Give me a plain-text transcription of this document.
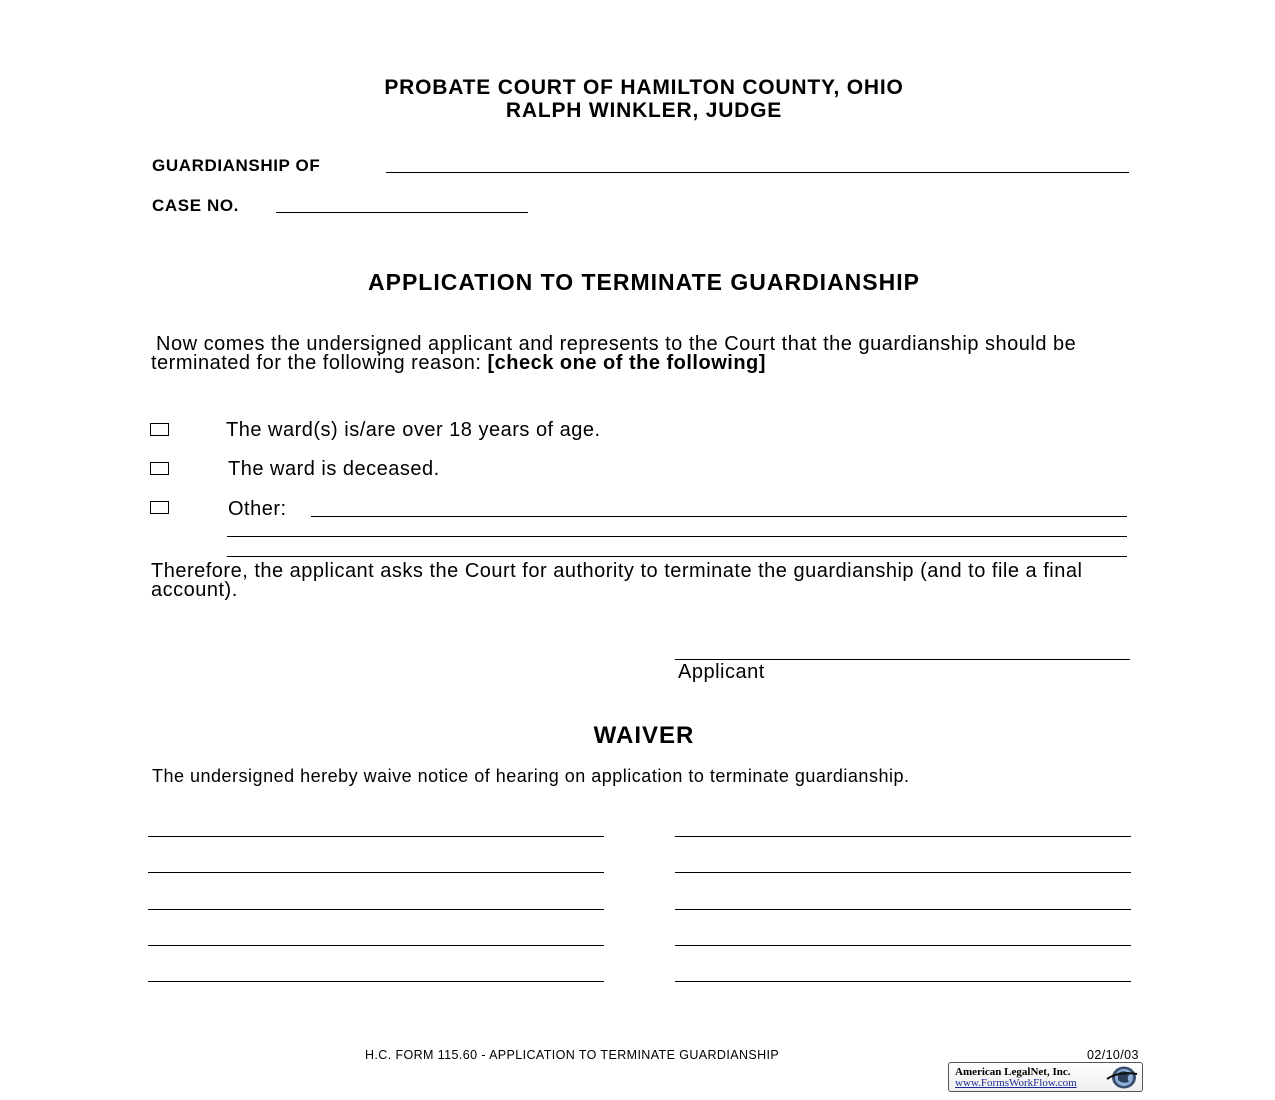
PROBATE COURT OF HAMILTON COUNTY, OHIO
RALPH WINKLER, JUDGE
GUARDIANSHIP OF
CASE NO.
APPLICATION TO TERMINATE GUARDIANSHIP
Now comes the undersigned applicant and represents to the Court that the guardianship should be terminated for the following reason: [check one of the following]
The ward(s) is/are over 18 years of age.
The ward is deceased.
Other:
Therefore, the applicant asks the Court for authority to terminate the guardianship (and to file a final account).
Applicant
WAIVER
The undersigned hereby waive notice of hearing on application to terminate guardianship.
H.C. FORM 115.60 - APPLICATION TO TERMINATE GUARDIANSHIP	02/10/03
American LegalNet, Inc.
www.FormsWorkFlow.com
